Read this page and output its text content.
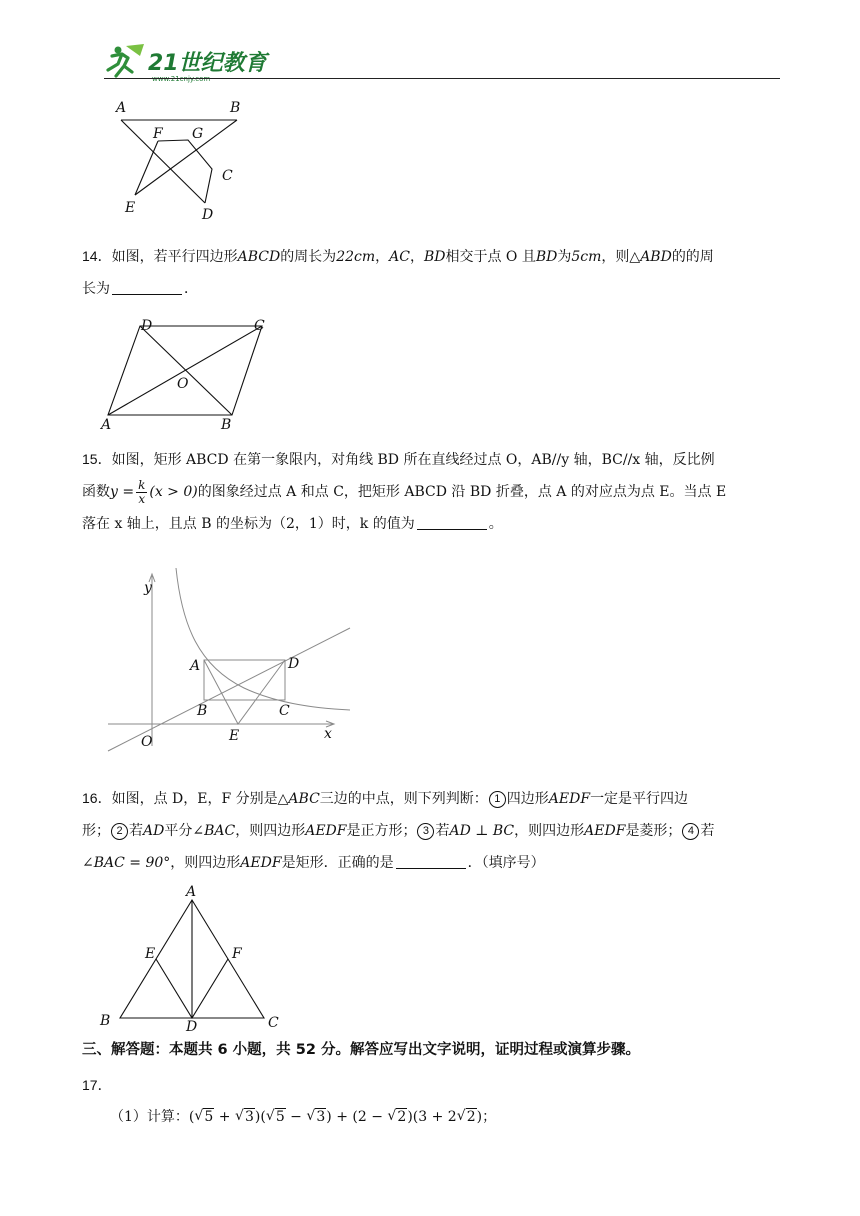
21世纪教育
www.21cnjy.com
A	B
F G
C
E	D
14．如图，若平行四边形ABCD的周长为22cm，AC，BD相交于点 O 且BD为5cm，则△ABD的的周
长为	．
D	C
O
A	B
15．如图，矩形 ABCD 在第一象限内，对角线 BD 所在直线经过点 O，AB//y 轴，BC//x 轴，反比例
函数$y = \frac{k}{x} (x > 0)$的图象经过点 A 和点 C，把矩形 ABCD 沿 BD 折叠，点 A 的对应点为点 E。当点 E
落在 x 轴上，且点 B 的坐标为（2，1）时，k 的值为	。
y
x
O
A
B	C
D
E
16．如图，点 D，E，F 分别是△ABC三边的中点，则下列判断： 1 四边形AEDF一定是平行四边
形； 2 若AD平分∠BAC，则四边形AEDF是正方形； 3 若AD ⊥ BC，则四边形AEDF是菱形； 4 若
∠BAC = 90°，则四边形AEDF是矩形．正确的是	．（填序号）
A
E	F
B	D	C
三、解答题：本题共 6 小题，共 52 分。解答应写出文字说明，证明过程或演算步骤。
17．
（1）计算：( √ 5 + √ 3)( √ 5 − √ 3) + (2 − √ 2)(3 + 2 √ 2)；
